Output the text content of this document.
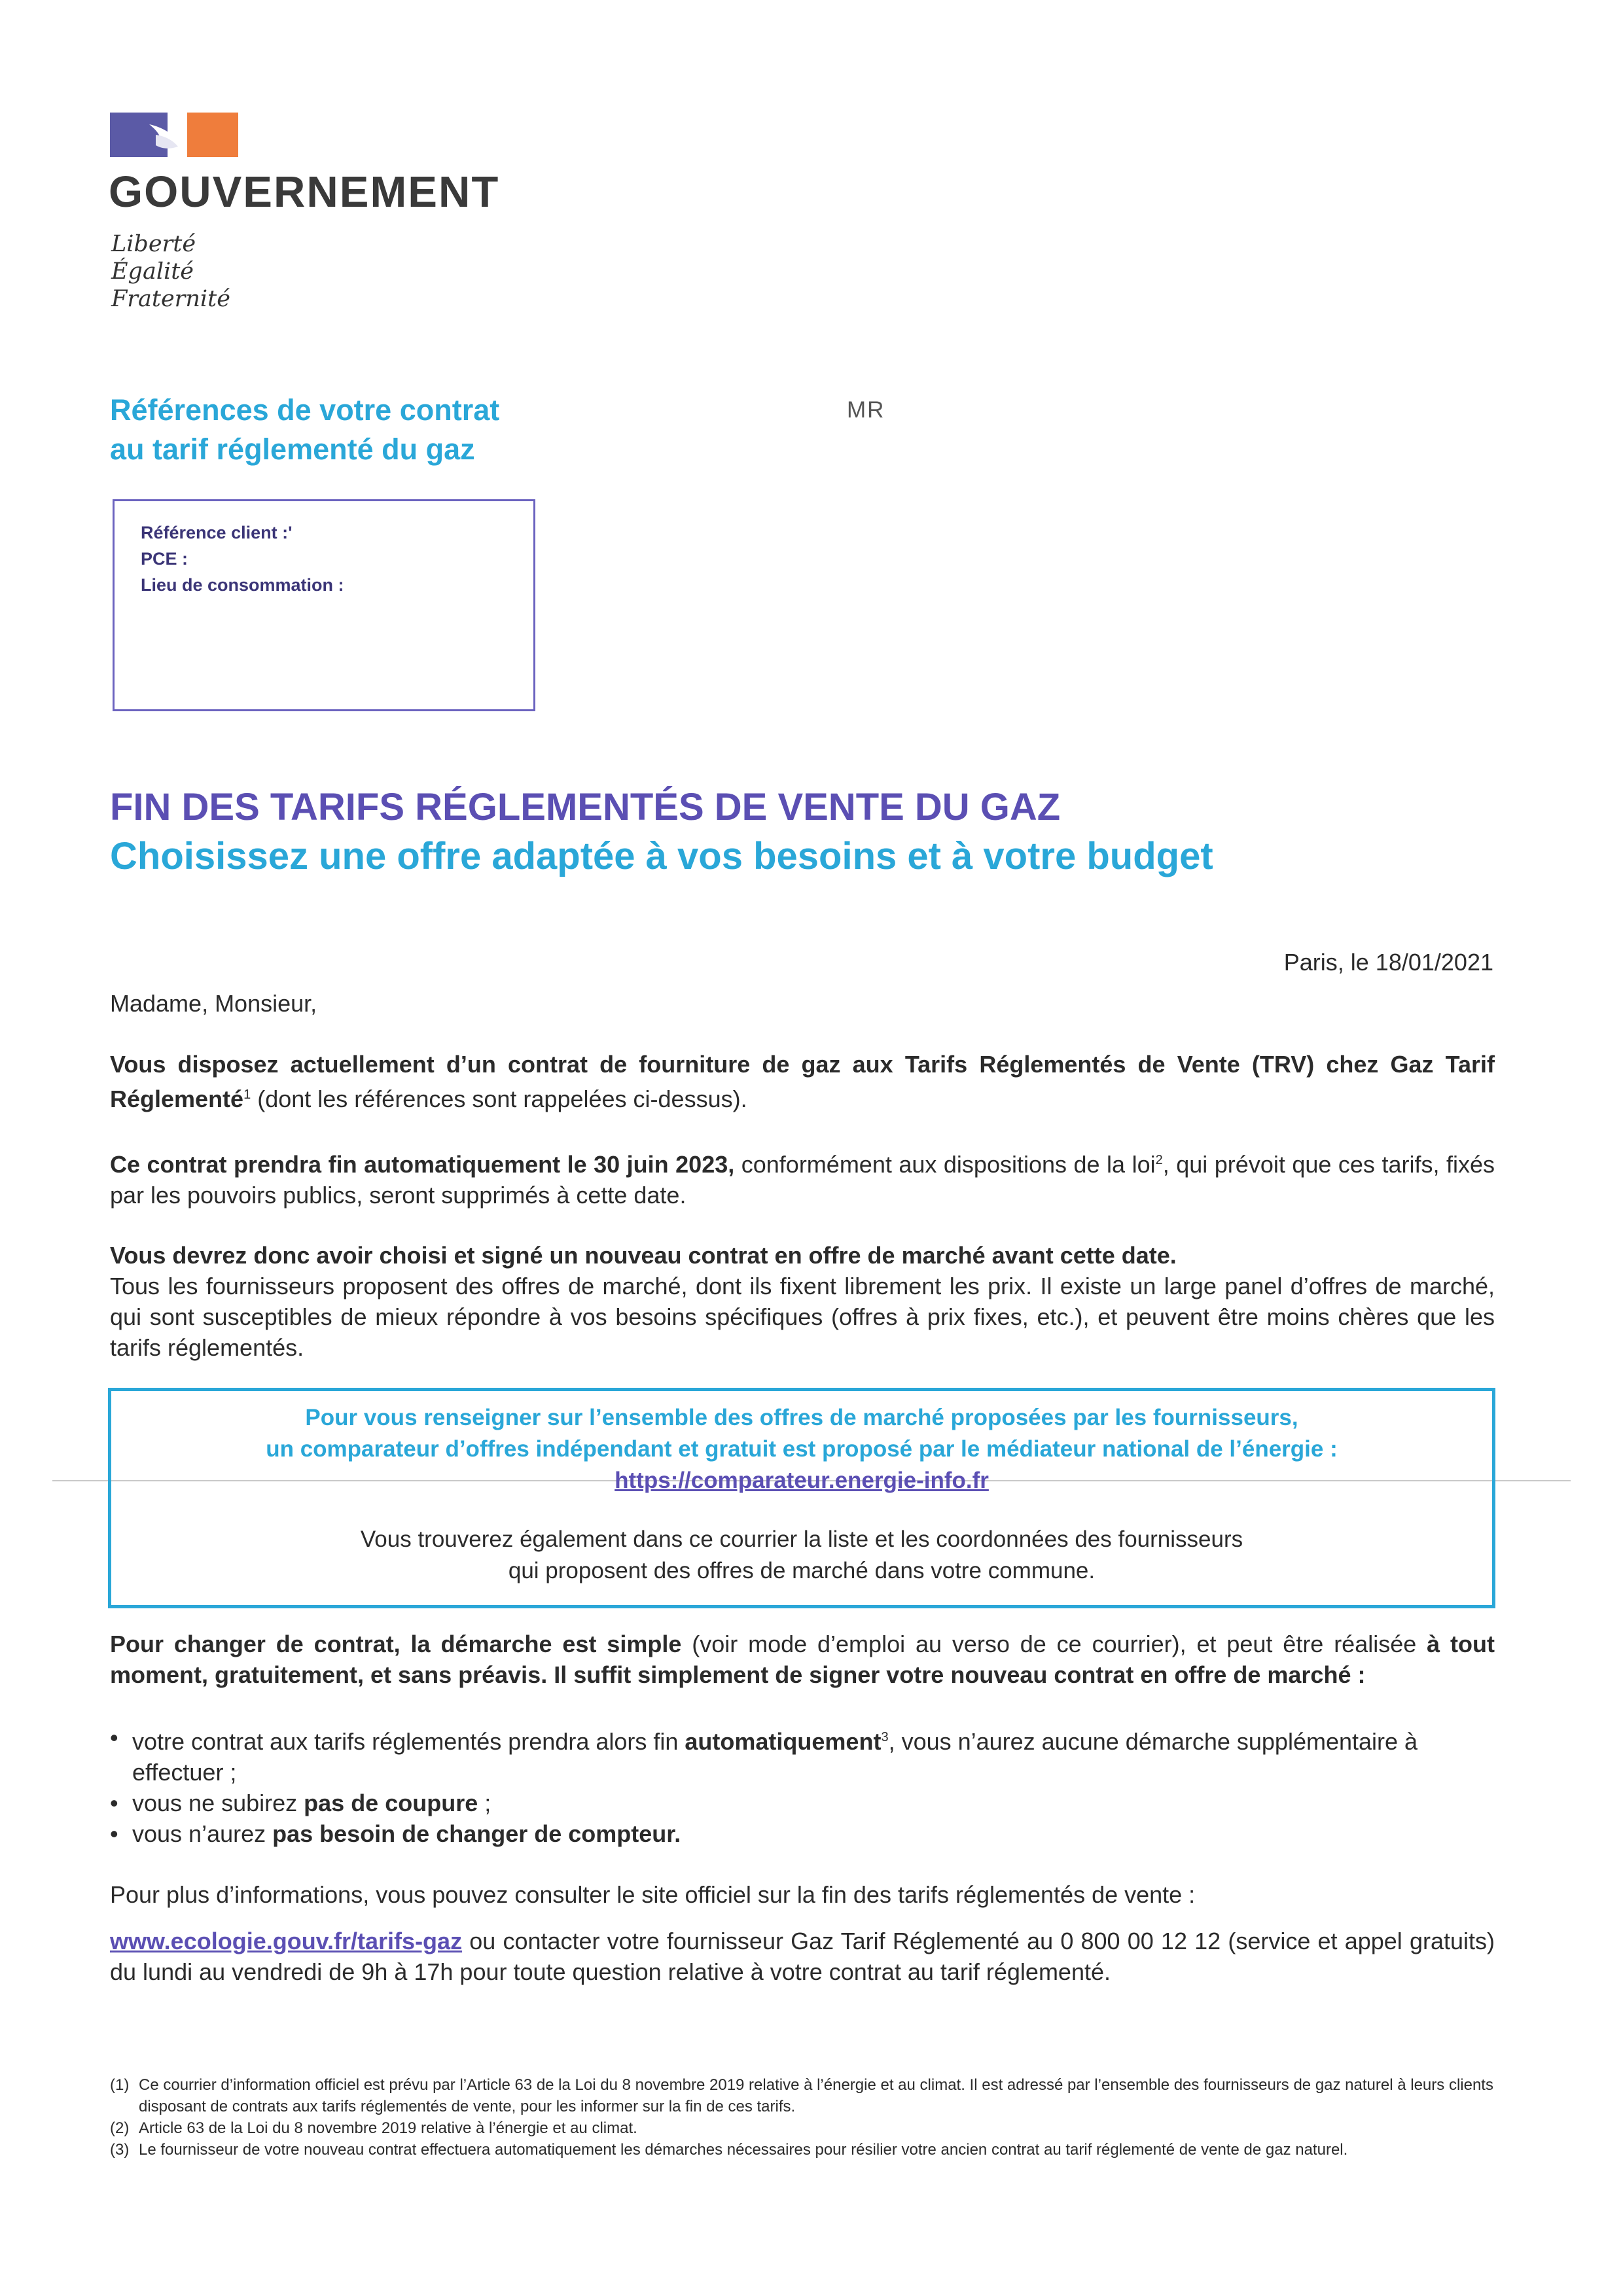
GOUVERNEMENT
Liberté
Égalité
Fraternité
Références de votre contrat
au tarif réglementé du gaz
MR
Référence client :'
PCE :
Lieu de consommation :
FIN DES TARIFS RÉGLEMENTÉS DE VENTE DU GAZ
Choisissez une offre adaptée à vos besoins et à votre budget
Paris, le 18/01/2021
Madame, Monsieur,
Vous disposez actuellement d’un contrat de fourniture de gaz aux Tarifs Réglementés de Vente (TRV) chez Gaz Tarif Réglementé$^1$ (dont les références sont rappelées ci-dessus).
Ce contrat prendra fin automatiquement le 30 juin 2023, conformément aux dispositions de la loi$^2$, qui prévoit que ces tarifs, fixés par les pouvoirs publics, seront supprimés à cette date.
Vous devrez donc avoir choisi et signé un nouveau contrat en offre de marché avant cette date.
Tous les fournisseurs proposent des offres de marché, dont ils fixent librement les prix. Il existe un large panel d’offres de marché, qui sont susceptibles de mieux répondre à vos besoins spécifiques (offres à prix fixes, etc.), et peuvent être moins chères que les tarifs réglementés.
Pour vous renseigner sur l’ensemble des offres de marché proposées par les fournisseurs,
un comparateur d’offres indépendant et gratuit est proposé par le médiateur national de l’énergie :
https://comparateur.energie-info.fr
Vous trouverez également dans ce courrier la liste et les coordonnées des fournisseurs
qui proposent des offres de marché dans votre commune.
Pour changer de contrat, la démarche est simple (voir mode d’emploi au verso de ce courrier), et peut être réalisée à tout moment, gratuitement, et sans préavis. Il suffit simplement de signer votre nouveau contrat en offre de marché :
• votre contrat aux tarifs réglementés prendra alors fin automatiquement$^3$, vous n’aurez aucune démarche supplémentaire à effectuer ;
• vous ne subirez pas de coupure ;
• vous n’aurez pas besoin de changer de compteur.
Pour plus d’informations, vous pouvez consulter le site officiel sur la fin des tarifs réglementés de vente :
www.ecologie.gouv.fr/tarifs-gaz ou contacter votre fournisseur Gaz Tarif Réglementé au 0 800 00 12 12 (service et appel gratuits) du lundi au vendredi de 9h à 17h pour toute question relative à votre contrat au tarif réglementé.
(1) Ce courrier d’information officiel est prévu par l’Article 63 de la Loi du 8 novembre 2019 relative à l’énergie et au climat. Il est adressé par l’ensemble des fournisseurs de gaz naturel à leurs clients disposant de contrats aux tarifs réglementés de vente, pour les informer sur la fin de ces tarifs.
(2) Article 63 de la Loi du 8 novembre 2019 relative à l’énergie et au climat.
(3) Le fournisseur de votre nouveau contrat effectuera automatiquement les démarches nécessaires pour résilier votre ancien contrat au tarif réglementé de vente de gaz naturel.
